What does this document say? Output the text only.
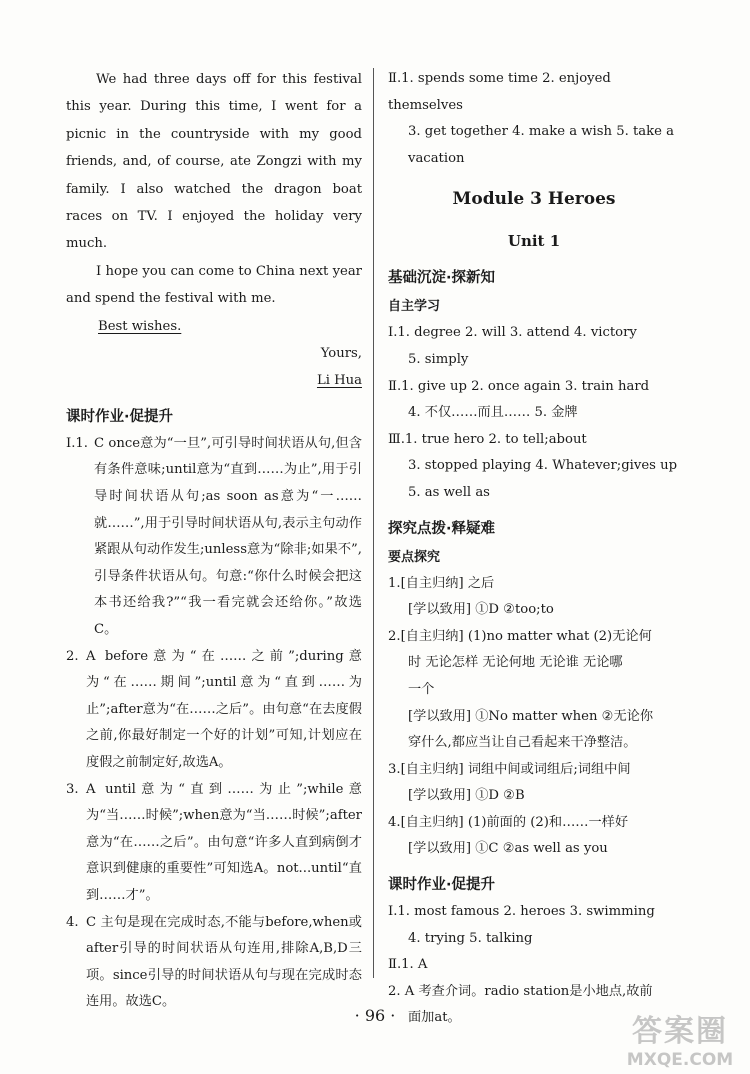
We had three days off for this festival this year. During this time, I went for a picnic in the countryside with my good friends, and, of course, ate Zongzi with my family. I also watched the dragon boat races on TV. I enjoyed the holiday very much.
I hope you can come to China next year and spend the festival with me.
Best wishes.
Yours,
Li Hua
课时作业·促提升
Ⅰ.1. C once意为“一旦”,可引导时间状语从句,但含有条件意味;until意为“直到……为止”,用于引导时间状语从句;as soon as意为“一……就……”,用于引导时间状语从句,表示主句动作紧跟从句动作发生;unless意为“除非;如果不”,引导条件状语从句。句意:“你什么时候会把这本书还给我?”“我一看完就会还给你。”故选C。
2. A before意为“在……之前”;during意为“在……期间”;until意为“直到……为止”;after意为“在……之后”。由句意“在去度假之前,你最好制定一个好的计划”可知,计划应在度假之前制定好,故选A。
3. A until意为“直到……为止”;while意为“当……时候”;when意为“当……时候”;after意为“在……之后”。由句意“许多人直到病倒才意识到健康的重要性”可知选A。not...until“直到……才”。
4. C 主句是现在完成时态,不能与before,when或after引导的时间状语从句连用,排除A,B,D三项。since引导的时间状语从句与现在完成时态连用。故选C。
Ⅱ.1. spends some time 2. enjoyed themselves
3. get together 4. make a wish 5. take a
vacation
Module 3 Heroes
Unit 1
基础沉淀·探新知
自主学习
Ⅰ.1. degree 2. will 3. attend 4. victory
5. simply
Ⅱ.1. give up 2. once again 3. train hard
4. 不仅……而且…… 5. 金牌
Ⅲ.1. true hero 2. to tell;about
3. stopped playing 4. Whatever;gives up
5. as well as
探究点拨·释疑难
要点探究
1.[自主归纳] 之后
[学以致用] ①D ②too;to
2.[自主归纳] (1)no matter what (2)无论何
时 无论怎样 无论何地 无论谁 无论哪
一个
[学以致用] ①No matter when ②无论你
穿什么,都应当让自己看起来干净整洁。
3.[自主归纳] 词组中间或词组后;词组中间
[学以致用] ①D ②B
4.[自主归纳] (1)前面的 (2)和……一样好
[学以致用] ①C ②as well as you
课时作业·促提升
Ⅰ.1. most famous 2. heroes 3. swimming
4. trying 5. talking
Ⅱ.1. A
2. A 考查介词。radio station是小地点,故前
面加at。
· 96 ·	答案圈
MXQE.COM
